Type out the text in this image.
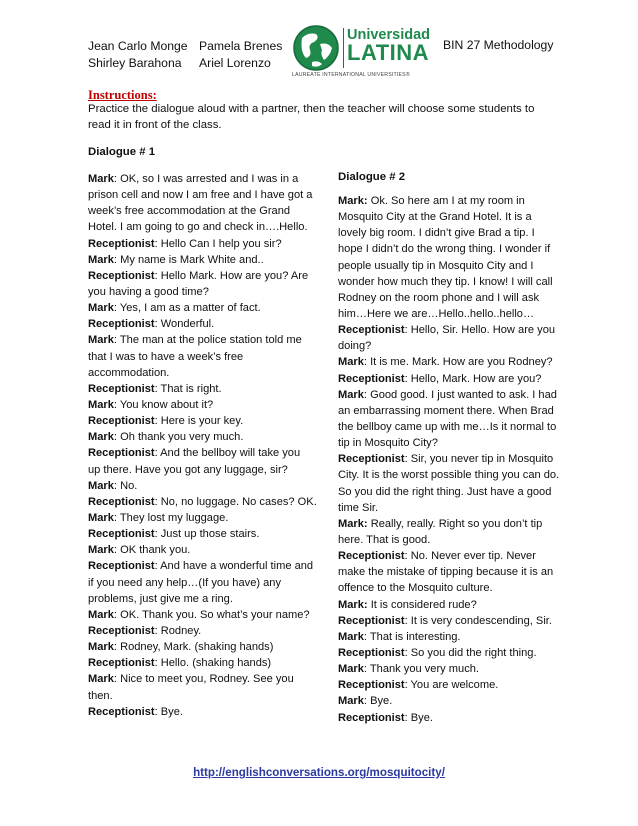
Jean Carlo Monge
Shirley Barahona
Pamela Brenes
Ariel Lorenzo
Universidad
LATINA
LAUREATE INTERNATIONAL UNIVERSITIES®
BIN 27 Methodology
Instructions:
Practice the dialogue aloud with a partner, then the teacher will choose some students to read it in front of the class.
Dialogue # 1
Mark: OK, so I was arrested and I was in a
prison cell and now I am free and I have got a
week’s free accommodation at the Grand
Hotel. I am going to go and check in….Hello.
Receptionist: Hello Can I help you sir?
Mark: My name is Mark White and..
Receptionist: Hello Mark. How are you? Are
you having a good time?
Mark: Yes, I am as a matter of fact.
Receptionist: Wonderful.
Mark: The man at the police station told me
that I was to have a week’s free
accommodation.
Receptionist: That is right.
Mark: You know about it?
Receptionist: Here is your key.
Mark: Oh thank you very much.
Receptionist: And the bellboy will take you
up there. Have you got any luggage, sir?
Mark: No.
Receptionist: No, no luggage. No cases? OK.
Mark: They lost my luggage.
Receptionist: Just up those stairs.
Mark: OK thank you.
Receptionist: And have a wonderful time and
if you need any help…(If you have) any
problems, just give me a ring.
Mark: OK. Thank you. So what’s your name?
Receptionist: Rodney.
Mark: Rodney, Mark. (shaking hands)
Receptionist: Hello. (shaking hands)
Mark: Nice to meet you, Rodney. See you
then.
Receptionist: Bye.
Dialogue # 2
Mark: Ok. So here am I at my room in
Mosquito City at the Grand Hotel. It is a
lovely big room. I didn’t give Brad a tip. I
hope I didn’t do the wrong thing. I wonder if
people usually tip in Mosquito City and I
wonder how much they tip. I know! I will call
Rodney on the room phone and I will ask
him…Here we are…Hello..hello..hello…
Receptionist: Hello, Sir. Hello. How are you
doing?
Mark: It is me. Mark. How are you Rodney?
Receptionist: Hello, Mark. How are you?
Mark: Good good. I just wanted to ask. I had
an embarrassing moment there. When Brad
the bellboy came up with me…Is it normal to
tip in Mosquito City?
Receptionist: Sir, you never tip in Mosquito
City. It is the worst possible thing you can do.
So you did the right thing. Just have a good
time Sir.
Mark: Really, really. Right so you don’t tip
here. That is good.
Receptionist: No. Never ever tip. Never
make the mistake of tipping because it is an
offence to the Mosquito culture.
Mark: It is considered rude?
Receptionist: It is very condescending, Sir.
Mark: That is interesting.
Receptionist: So you did the right thing.
Mark: Thank you very much.
Receptionist: You are welcome.
Mark: Bye.
Receptionist: Bye.
http://englishconversations.org/mosquitocity/
